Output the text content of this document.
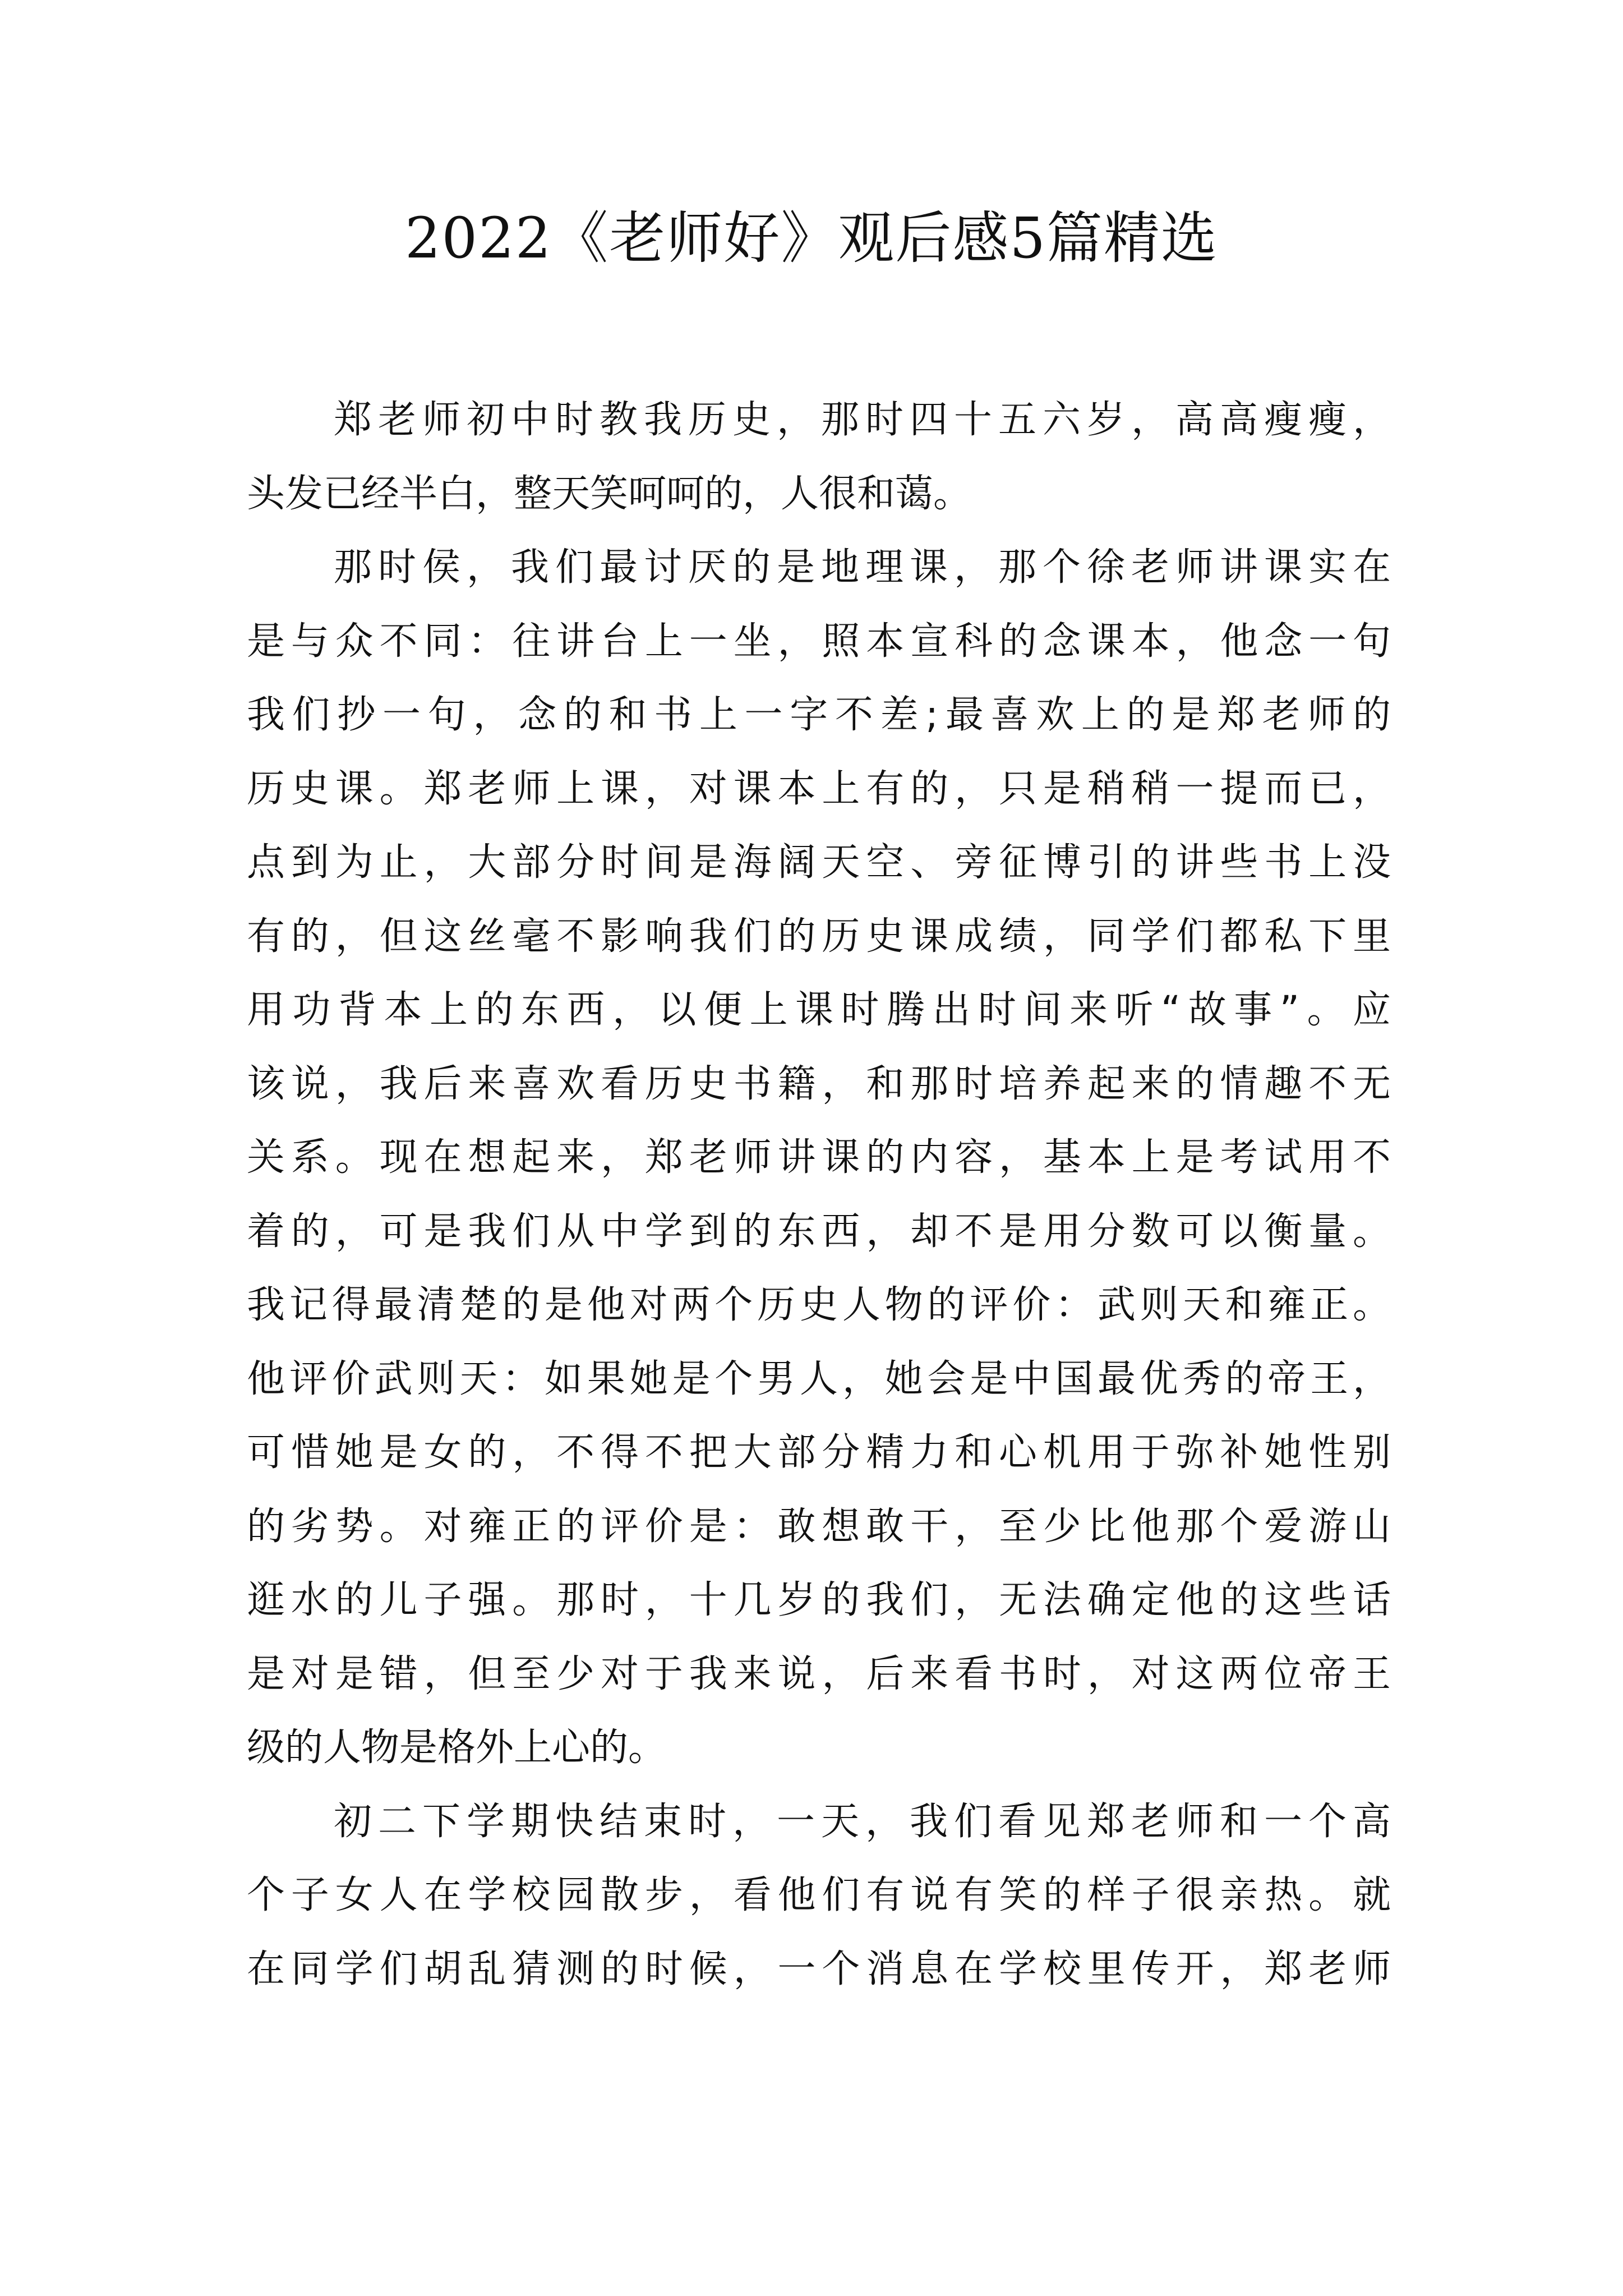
2022《老师好》观后感5篇精选
郑老师初中时教我历史，那时四十五六岁，高高瘦瘦，
头发已经半白，整天笑呵呵的，人很和蔼。
那时侯，我们最讨厌的是地理课，那个徐老师讲课实在
是与众不同：往讲台上一坐，照本宣科的念课本，他念一句
我们抄一句，念的和书上一字不差;最喜欢上的是郑老师的
历史课。郑老师上课，对课本上有的，只是稍稍一提而已，
点到为止，大部分时间是海阔天空、旁征博引的讲些书上没
有的，但这丝毫不影响我们的历史课成绩，同学们都私下里
用功背本上的东西，以便上课时腾出时间来听“故事”。应
该说，我后来喜欢看历史书籍，和那时培养起来的情趣不无
关系。现在想起来，郑老师讲课的内容，基本上是考试用不
着的，可是我们从中学到的东西，却不是用分数可以衡量。
我记得最清楚的是他对两个历史人物的评价：武则天和雍正。
他评价武则天：如果她是个男人，她会是中国最优秀的帝王，
可惜她是女的，不得不把大部分精力和心机用于弥补她性别
的劣势。对雍正的评价是：敢想敢干，至少比他那个爱游山
逛水的儿子强。那时，十几岁的我们，无法确定他的这些话
是对是错，但至少对于我来说，后来看书时，对这两位帝王
级的人物是格外上心的。
初二下学期快结束时，一天，我们看见郑老师和一个高
个子女人在学校园散步，看他们有说有笑的样子很亲热。就
在同学们胡乱猜测的时候，一个消息在学校里传开，郑老师
